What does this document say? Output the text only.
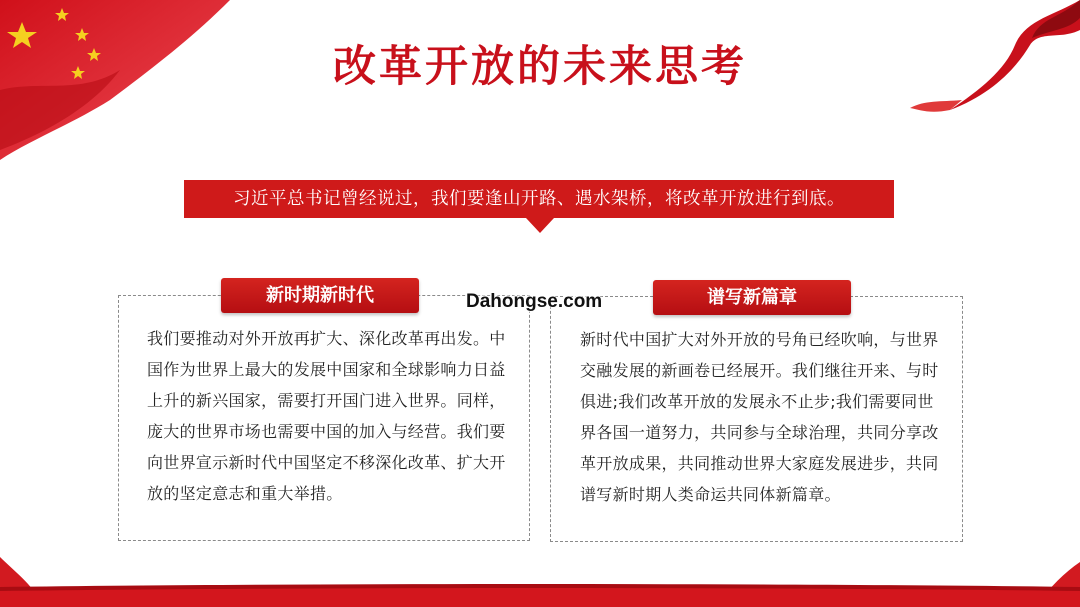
改革开放的未来思考
习近平总书记曾经说过，我们要逢山开路、遇水架桥，将改革开放进行到底。
我们要推动对外开放再扩大、深化改革再出发。中国作为世界上最大的发展中国家和全球影响力日益上升的新兴国家，需要打开国门进入世界。同样，庞大的世界市场也需要中国的加入与经营。我们要向世界宣示新时代中国坚定不移深化改革、扩大开放的坚定意志和重大举措。
新时代中国扩大对外开放的号角已经吹响，与世界交融发展的新画卷已经展开。我们继往开来、与时俱进;我们改革开放的发展永不止步;我们需要同世界各国一道努力，共同参与全球治理，共同分享改革开放成果，共同推动世界大家庭发展进步，共同谱写新时期人类命运共同体新篇章。
新时期新时代	谱写新篇章
Dahongse.com
